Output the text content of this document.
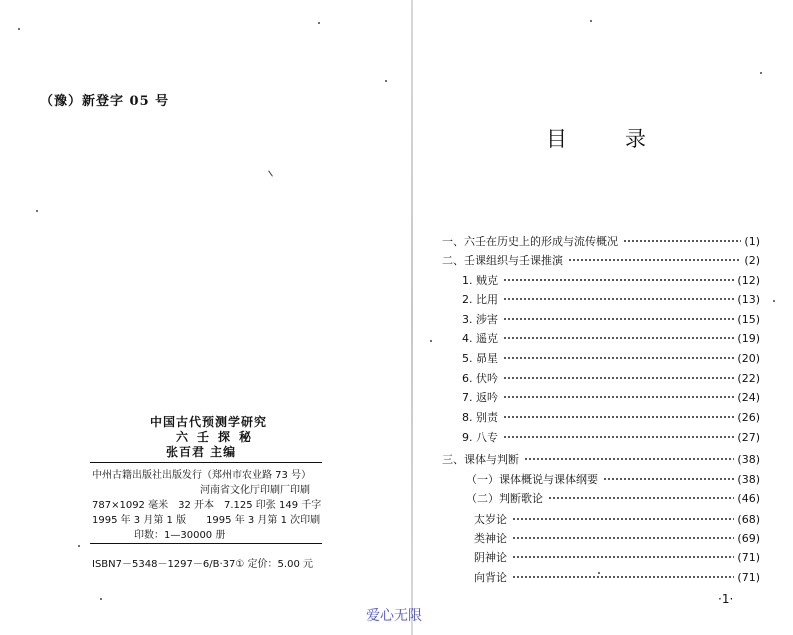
（豫）新登字 05 号
中国古代预测学研究
六壬探秘
张百君 主编
中州古籍出版社出版发行（郑州市农业路 73 号）
河南省文化厅印刷厂印刷
787×1092 毫米　32 开本　7.125 印张 149 千字
1995 年 3 月第 1 版　　1995 年 3 月第 1 次印刷
印数：1—30000 册
ISBN7－5348－1297－6/B·37① 定价：5.00 元
目录
一、六壬在历史上的形成与流传概况	(1)
二、壬课组织与壬课推演	(2)
1. 贼克	(12)
2. 比用	(13)
3. 涉害	(15)
4. 遥克	(19)
5. 昴星	(20)
6. 伏吟	(22)
7. 返吟	(24)
8. 别责	(26)
9. 八专	(27)
三、课体与判断	(38)
（一）课体概说与课体纲要	(38)
（二）判断歌论	(46)
太岁论	(68)
类神论	(69)
阴神论	(71)
向背论	(71)
·1·
爱心无限
